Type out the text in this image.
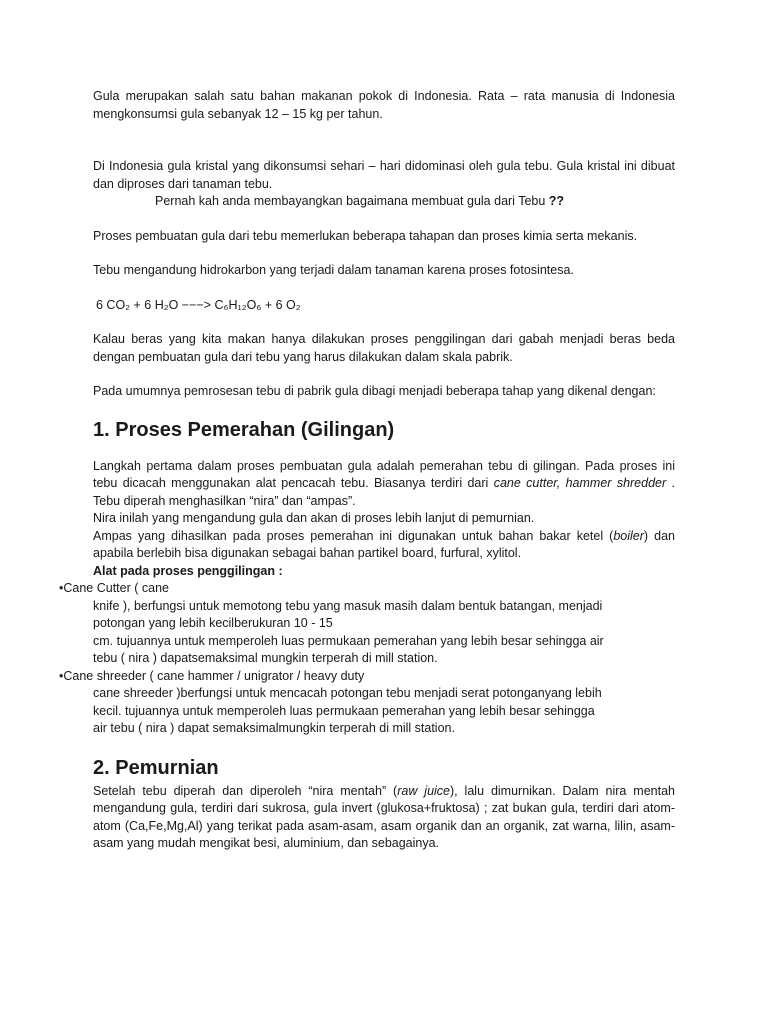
Gula merupakan salah satu bahan makanan pokok di Indonesia. Rata – rata manusia di Indonesia mengkonsumsi gula sebanyak 12 – 15 kg per tahun.

Di Indonesia gula kristal yang dikonsumsi sehari – hari didominasi oleh gula tebu. Gula kristal ini dibuat dan diproses dari tanaman tebu.

Pernah kah anda membayangkan bagaimana membuat gula dari Tebu ??

Proses pembuatan gula dari tebu memerlukan beberapa tahapan dan proses kimia serta mekanis.

Tebu mengandung hidrokarbon yang terjadi dalam tanaman karena proses fotosintesa.

6 CO₂ + 6 H₂O −−−> C₆H₁₂O₆ + 6 O₂

Kalau beras yang kita makan hanya dilakukan proses penggilingan dari gabah menjadi beras beda dengan pembuatan gula dari tebu yang harus dilakukan dalam skala pabrik.

Pada umumnya pemrosesan tebu di pabrik gula dibagi menjadi beberapa tahap yang dikenal dengan:

1. Proses Pemerahan (Gilingan)

Langkah pertama dalam proses pembuatan gula adalah pemerahan tebu di gilingan. Pada proses ini tebu dicacah menggunakan alat pencacah tebu. Biasanya terdiri dari cane cutter, hammer shredder . Tebu diperah menghasilkan “nira” dan “ampas”.

Nira inilah yang mengandung gula dan akan di proses lebih lanjut di pemurnian.

Ampas yang dihasilkan pada proses pemerahan ini digunakan untuk bahan bakar ketel (boiler) dan apabila berlebih bisa digunakan sebagai bahan partikel board, furfural, xylitol.

Alat pada proses penggilingan :

•Cane Cutter ( cane

knife ), berfungsi untuk memotong tebu yang masuk masih dalam bentuk batangan, menjadi

potongan yang lebih kecilberukuran 10 - 15

cm. tujuannya untuk memperoleh luas permukaan pemerahan yang lebih besar sehingga air

tebu ( nira ) dapatsemaksimal mungkin terperah di mill station.

•Cane shreeder ( cane hammer / unigrator / heavy duty

cane shreeder )berfungsi untuk mencacah potongan tebu menjadi serat potonganyang lebih

kecil. tujuannya untuk memperoleh luas permukaan pemerahan yang lebih besar sehingga

air tebu ( nira ) dapat semaksimalmungkin terperah di mill station.

2. Pemurnian

Setelah tebu diperah dan diperoleh “nira mentah” (raw juice), lalu dimurnikan. Dalam nira mentah mengandung gula, terdiri dari sukrosa, gula invert (glukosa+fruktosa) ; zat bukan gula, terdiri dari atom-atom (Ca,Fe,Mg,Al) yang terikat pada asam-asam, asam organik dan an organik, zat warna, lilin, asam-asam yang mudah mengikat besi, aluminium, dan sebagainya.
